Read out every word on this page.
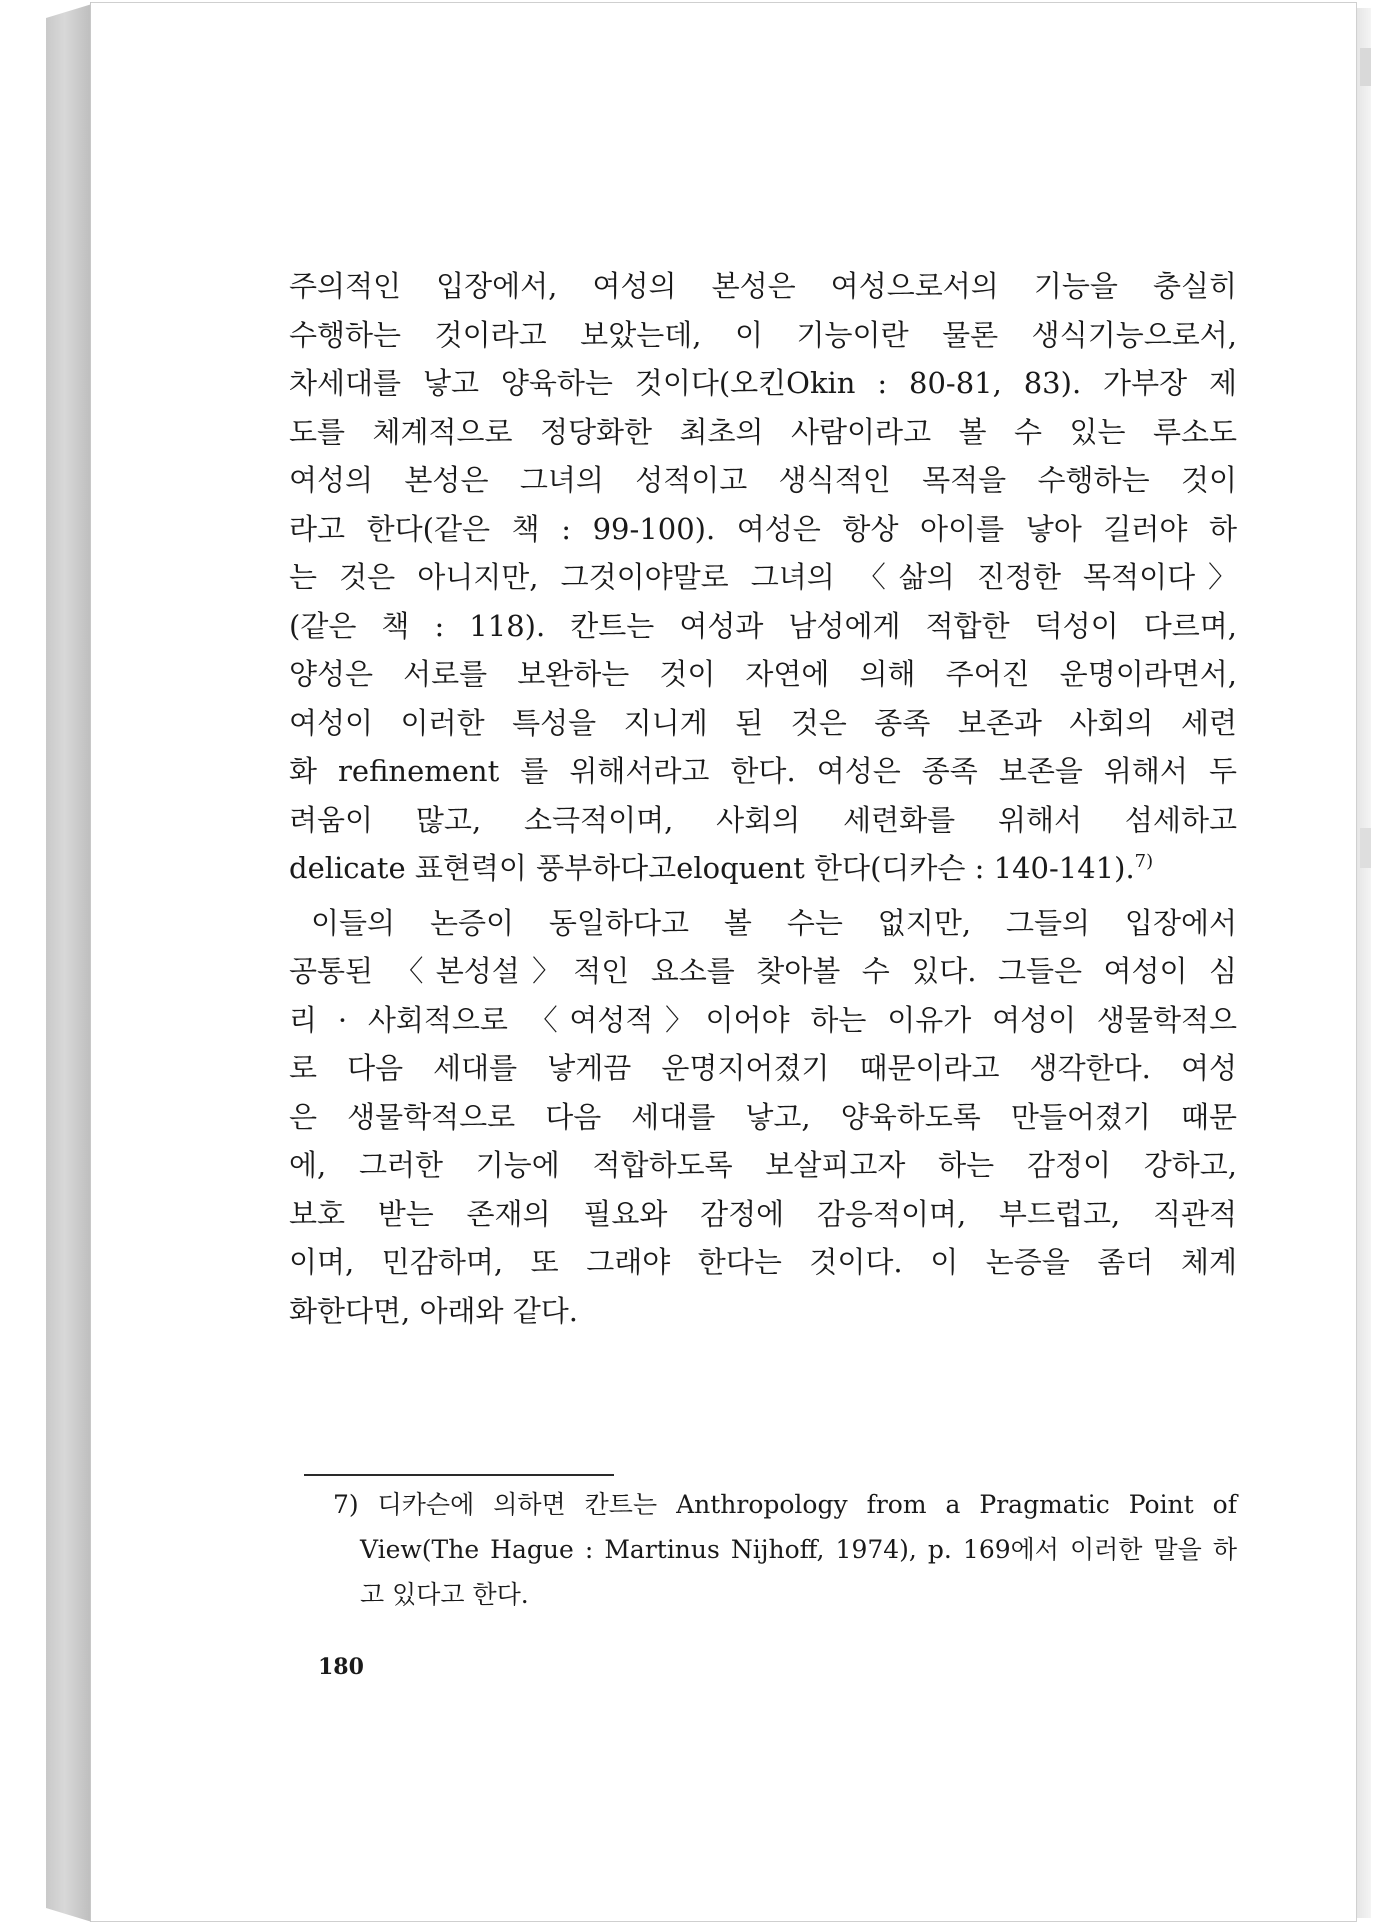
주의적인 입장에서, 여성의 본성은 여성으로서의 기능을 충실히
수행하는 것이라고 보았는데, 이 기능이란 물론 생식기능으로서,
차세대를 낳고 양육하는 것이다(오킨Okin : 80-81, 83). 가부장 제
도를 체계적으로 정당화한 최초의 사람이라고 볼 수 있는 루소도
여성의 본성은 그녀의 성적이고 생식적인 목적을 수행하는 것이
라고 한다(같은 책 : 99-100). 여성은 항상 아이를 낳아 길러야 하
는 것은 아니지만, 그것이야말로 그녀의 〈삶의 진정한 목적이다〉
(같은 책 : 118). 칸트는 여성과 남성에게 적합한 덕성이 다르며,
양성은 서로를 보완하는 것이 자연에 의해 주어진 운명이라면서,
여성이 이러한 특성을 지니게 된 것은 종족 보존과 사회의 세련
화 refinement 를 위해서라고 한다. 여성은 종족 보존을 위해서 두
려움이 많고, 소극적이며, 사회의 세련화를 위해서 섬세하고
delicate 표현력이 풍부하다고eloquent 한다(디카슨 : 140-141).$^{7)}$
이들의 논증이 동일하다고 볼 수는 없지만, 그들의 입장에서
공통된 〈본성설〉적인 요소를 찾아볼 수 있다. 그들은 여성이 심
리 · 사회적으로 〈여성적〉이어야 하는 이유가 여성이 생물학적으
로 다음 세대를 낳게끔 운명지어졌기 때문이라고 생각한다. 여성
은 생물학적으로 다음 세대를 낳고, 양육하도록 만들어졌기 때문
에, 그러한 기능에 적합하도록 보살피고자 하는 감정이 강하고,
보호 받는 존재의 필요와 감정에 감응적이며, 부드럽고, 직관적
이며, 민감하며, 또 그래야 한다는 것이다. 이 논증을 좀더 체계
화한다면, 아래와 같다.
7) 디카슨에 의하면 칸트는 Anthropology from a Pragmatic Point of
View(The Hague : Martinus Nijhoff, 1974), p. 169에서 이러한 말을 하
고 있다고 한다.
180
